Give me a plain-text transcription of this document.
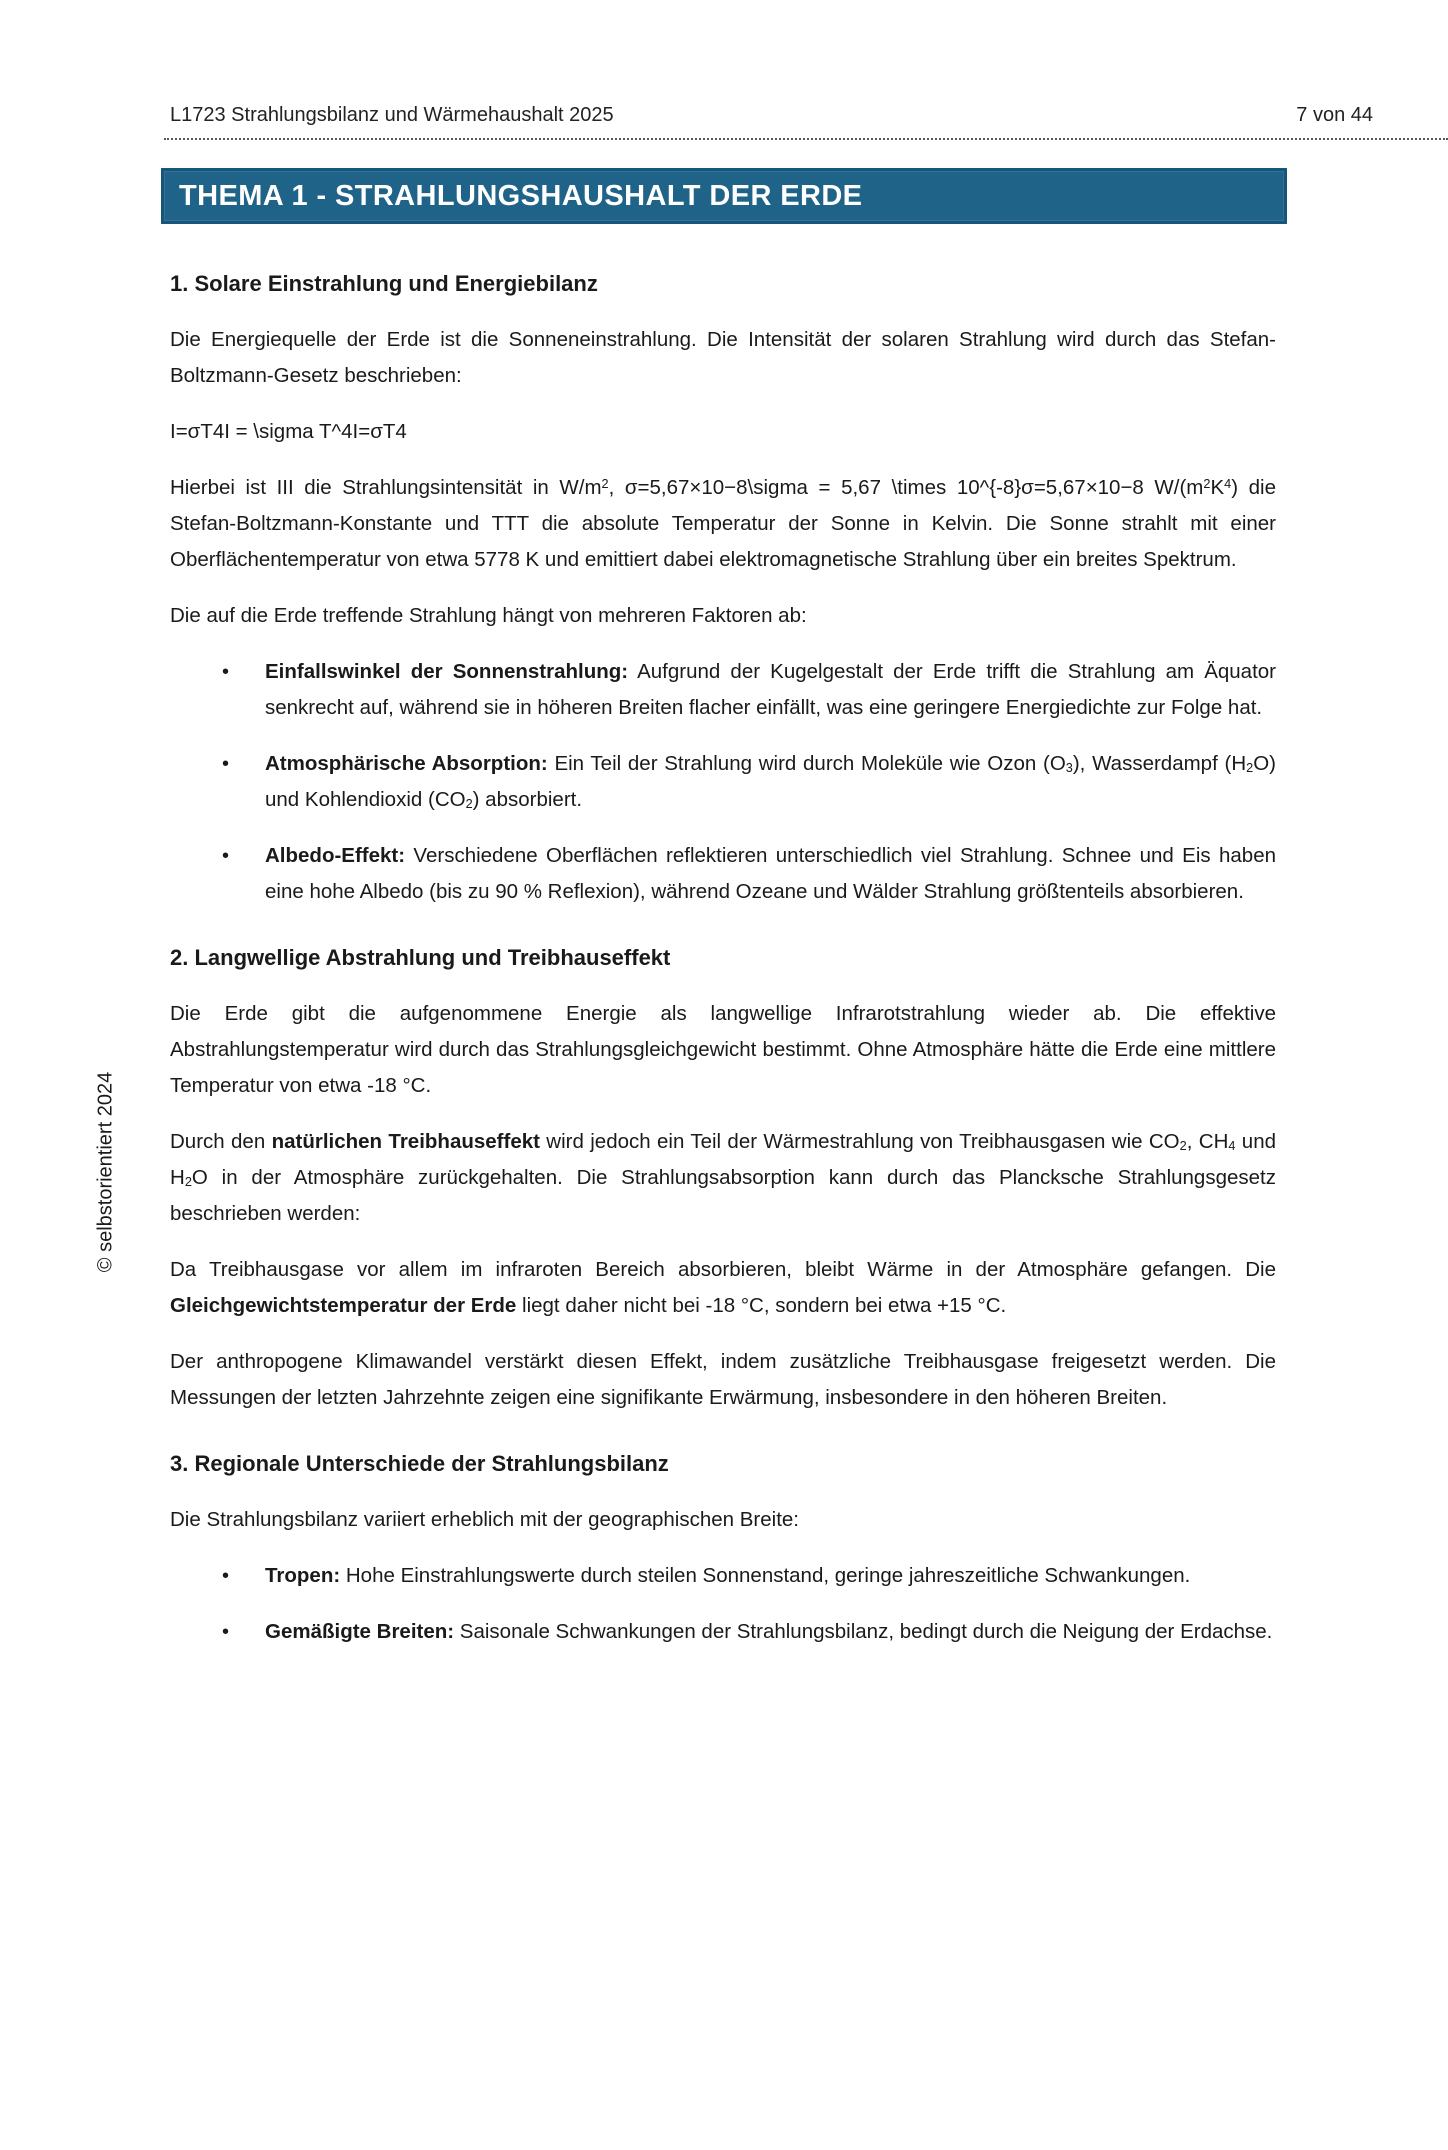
L1723 Strahlungsbilanz und Wärmehaushalt 2025	7 von 44
THEMA 1 - STRAHLUNGSHAUSHALT DER ERDE

1. Solare Einstrahlung und Energiebilanz

Die Energiequelle der Erde ist die Sonneneinstrahlung. Die Intensität der solaren Strahlung wird durch das Stefan-Boltzmann-Gesetz beschrieben:

I=σT4I = \sigma T^4I=σT4

Hierbei ist III die Strahlungsintensität in $W/m^2$, σ=5,67×10−8\sigma = 5,67 \times 10^{-8}σ=5,67×10−8 $W/(m^2K^4)$ die Stefan-Boltzmann-Konstante und TTT die absolute Temperatur der Sonne in Kelvin. Die Sonne strahlt mit einer Oberflächentemperatur von etwa 5778 K und emittiert dabei elektromagnetische Strahlung über ein breites Spektrum.

Die auf die Erde treffende Strahlung hängt von mehreren Faktoren ab:

• Einfallswinkel der Sonnenstrahlung: Aufgrund der Kugelgestalt der Erde trifft die Strahlung am Äquator senkrecht auf, während sie in höheren Breiten flacher einfällt, was eine geringere Energiedichte zur Folge hat.

• Atmosphärische Absorption: Ein Teil der Strahlung wird durch Moleküle wie Ozon $(O_3)$, Wasserdampf $(H_2O)$ und Kohlendioxid $(CO_2)$ absorbiert.

• Albedo-Effekt: Verschiedene Oberflächen reflektieren unterschiedlich viel Strahlung. Schnee und Eis haben eine hohe Albedo (bis zu 90 % Reflexion), während Ozeane und Wälder Strahlung größtenteils absorbieren.

2. Langwellige Abstrahlung und Treibhauseffekt

Die Erde gibt die aufgenommene Energie als langwellige Infrarotstrahlung wieder ab. Die effektive Abstrahlungstemperatur wird durch das Strahlungsgleichgewicht bestimmt. Ohne Atmosphäre hätte die Erde eine mittlere Temperatur von etwa -18 °C.

Durch den natürlichen Treibhauseffekt wird jedoch ein Teil der Wärmestrahlung von Treibhausgasen wie $CO_2$, $CH_4$ und $H_2O$ in der Atmosphäre zurückgehalten. Die Strahlungsabsorption kann durch das Plancksche Strahlungsgesetz beschrieben werden:

Da Treibhausgase vor allem im infraroten Bereich absorbieren, bleibt Wärme in der Atmosphäre gefangen. Die Gleichgewichtstemperatur der Erde liegt daher nicht bei -18 °C, sondern bei etwa +15 °C.

Der anthropogene Klimawandel verstärkt diesen Effekt, indem zusätzliche Treibhausgase freigesetzt werden. Die Messungen der letzten Jahrzehnte zeigen eine signifikante Erwärmung, insbesondere in den höheren Breiten.

3. Regionale Unterschiede der Strahlungsbilanz

Die Strahlungsbilanz variiert erheblich mit der geographischen Breite:

• Tropen: Hohe Einstrahlungswerte durch steilen Sonnenstand, geringe jahreszeitliche Schwankungen.

• Gemäßigte Breiten: Saisonale Schwankungen der Strahlungsbilanz, bedingt durch die Neigung der Erdachse.

© selbstorientiert 2024
